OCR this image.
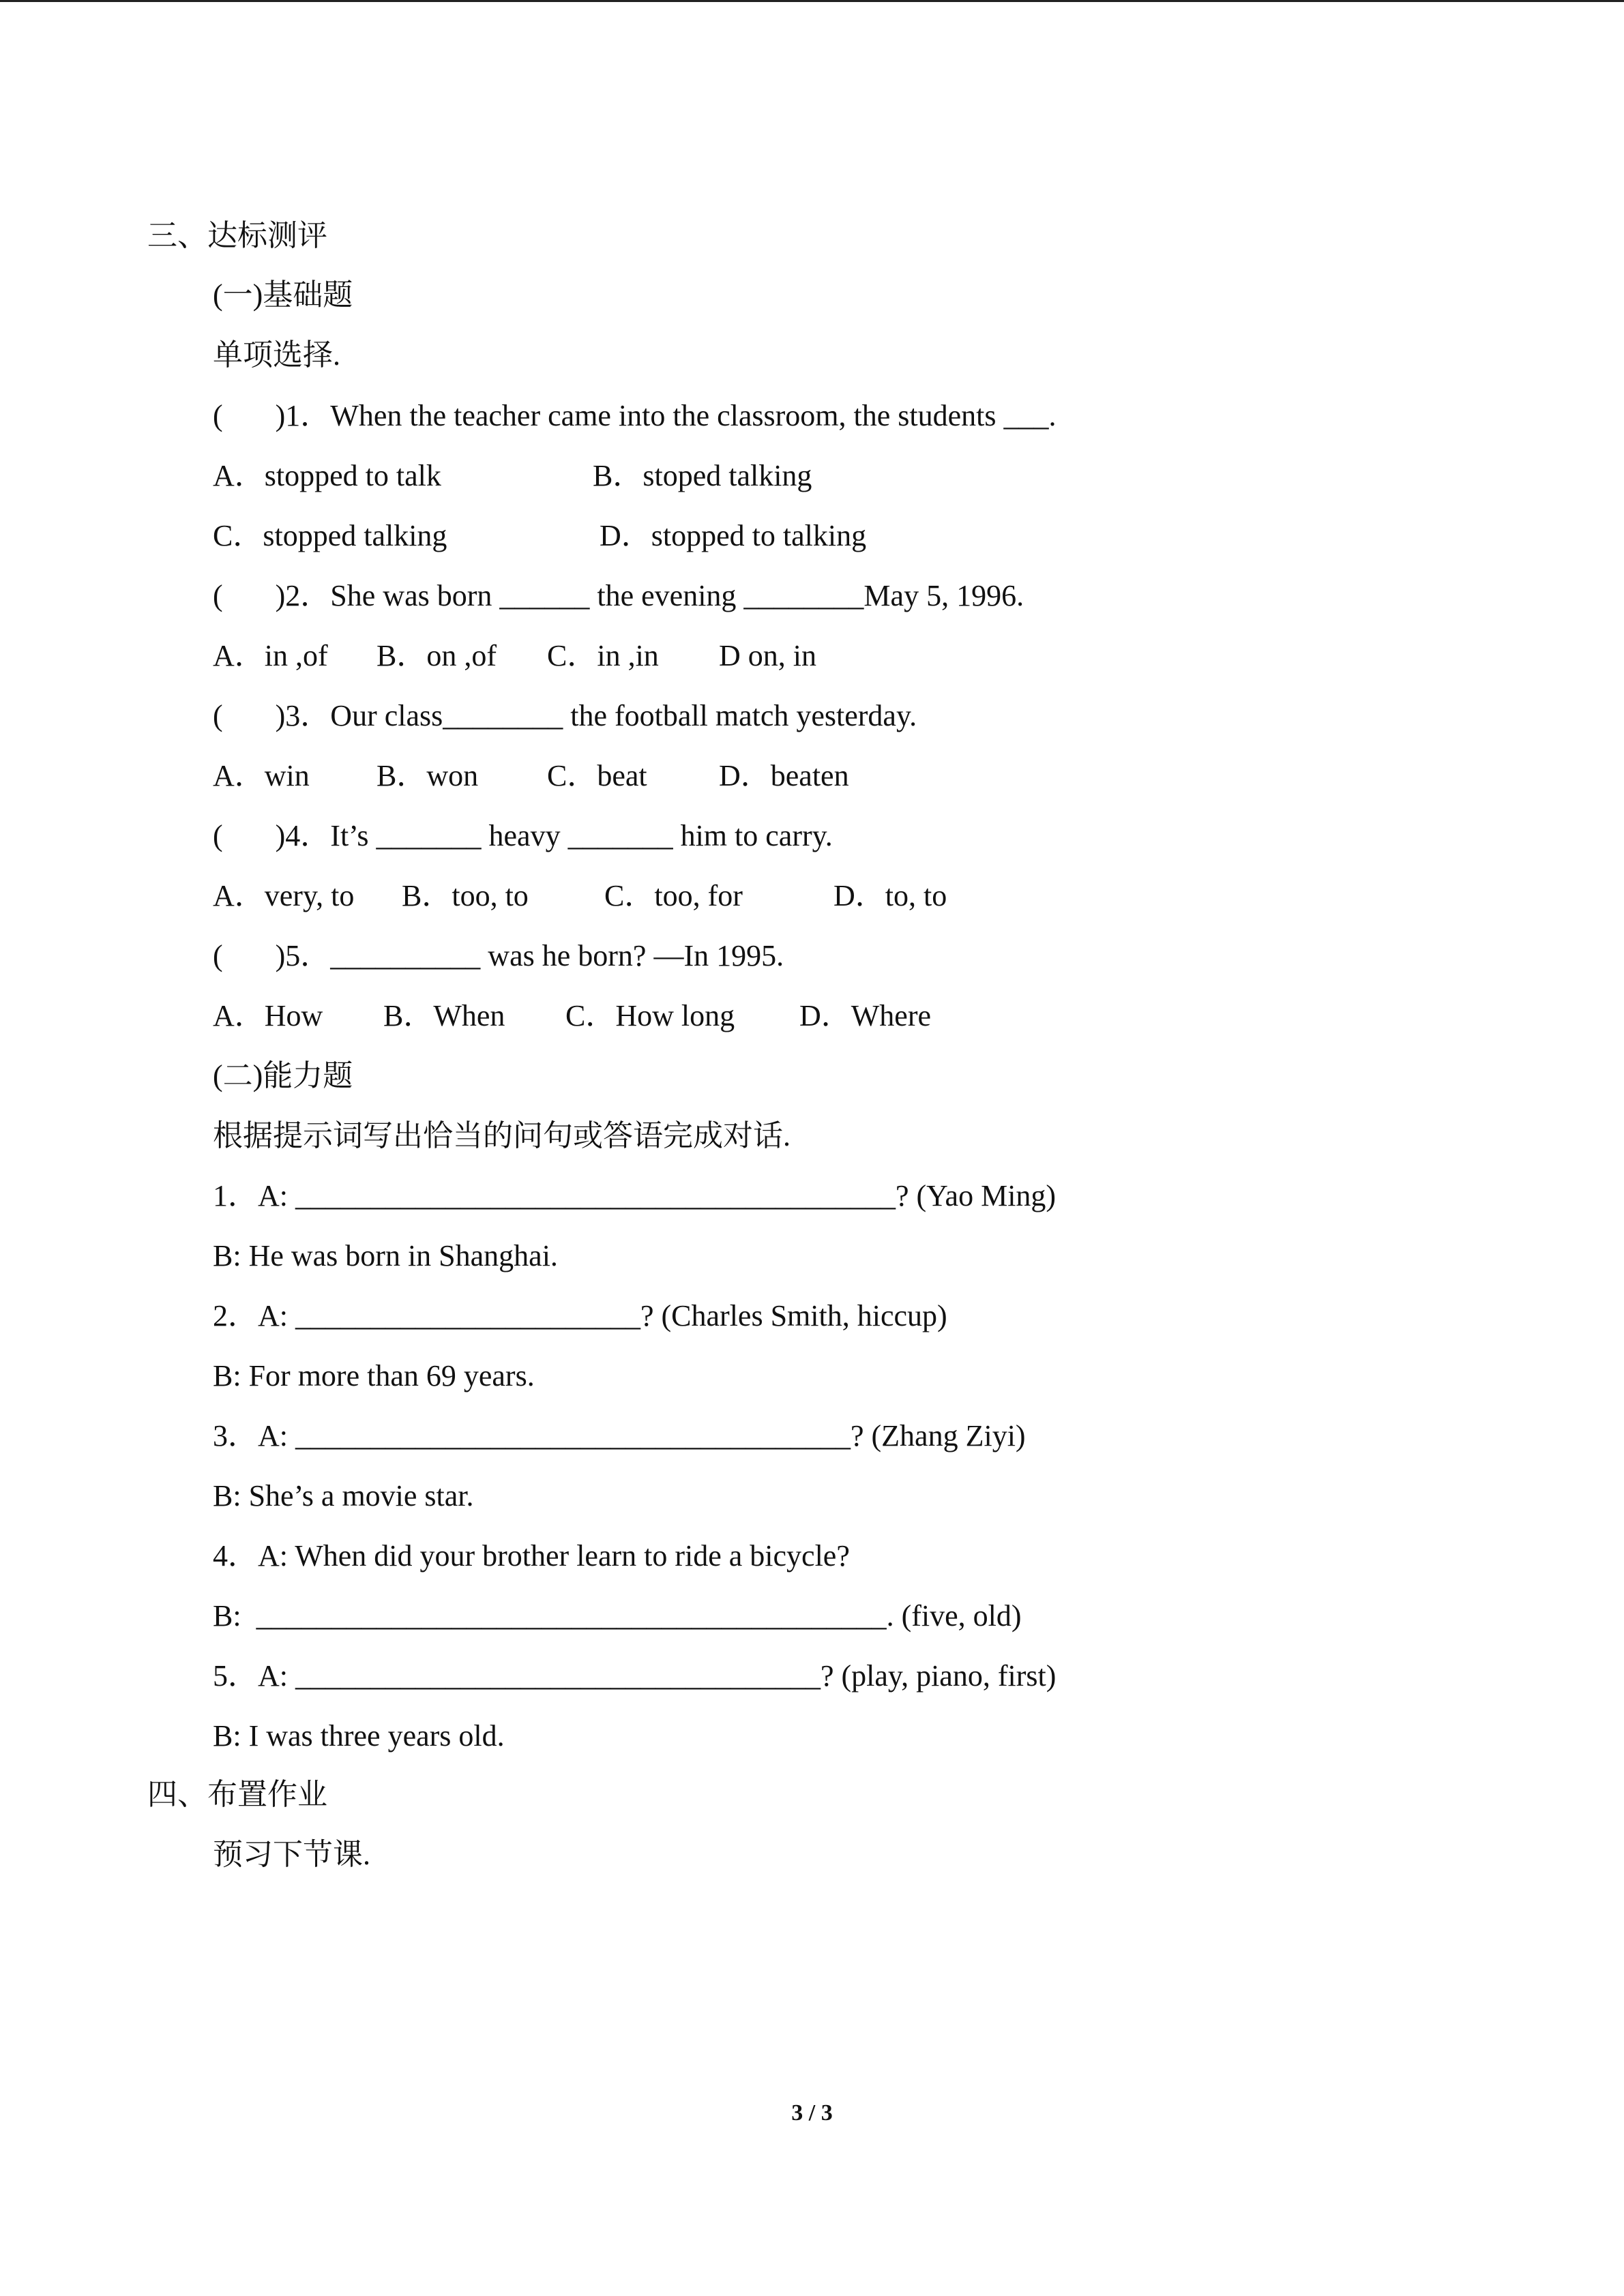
三、达标测评
(一)基础题
单项选择.
(       )1．When the teacher came into the classroom, the students ___.
A．stopped to talk	B．stoped talking
C．stopped talking	D．stopped to talking
(       )2．She was born ______ the evening ________May 5, 1996.
A．in ,of B．on ,of C．in ,in D on, in
(       )3．Our class________ the football match yesterday.
A．win B．won C．beat D．beaten
(       )4．It’s _______ heavy _______ him to carry.
A．very, to B．too, to	C．too, for	D．to, to
(       )5．__________ was he born? —In 1995.
A．How B．When C．How long D．Where
(二)能力题
根据提示词写出恰当的问句或答语完成对话.
1．A: ________________________________________? (Yao Ming)
B: He was born in Shanghai.
2．A: _______________________? (Charles Smith, hiccup)
B: For more than 69 years.
3．A: _____________________________________? (Zhang Ziyi)
B: She’s a movie star.
4．A: When did your brother learn to ride a bicycle?
B:  __________________________________________. (five, old)
5．A: ___________________________________? (play, piano, first)
B: I was three years old.
四、布置作业
预习下节课.
3 / 3
